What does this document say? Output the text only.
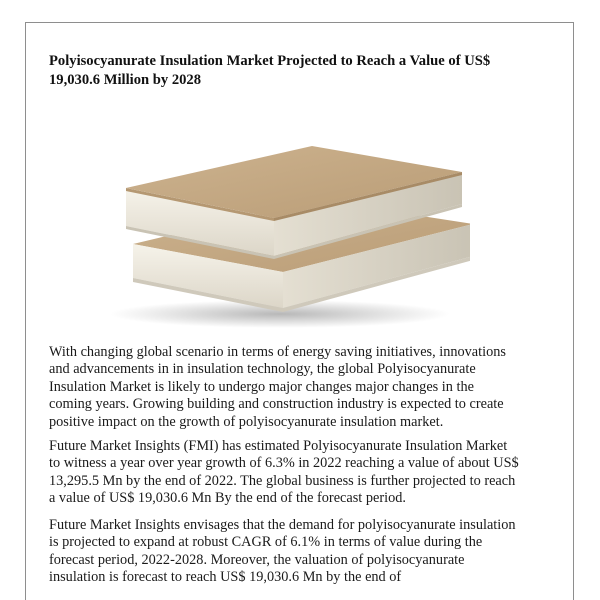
Polyisocyanurate Insulation Market Projected to Reach a Value of US$ 19,030.6 Million by 2028

With changing global scenario in terms of energy saving initiatives, innovations and advancements in in insulation technology, the global Polyisocyanurate Insulation Market is likely to undergo major changes major changes in the coming years. Growing building and construction industry is expected to create positive impact on the growth of polyisocyanurate insulation market.

Future Market Insights (FMI) has estimated Polyisocyanurate Insulation Market to witness a year over year growth of 6.3% in 2022 reaching a value of about US$ 13,295.5 Mn by the end of 2022. The global business is further projected to reach a value of US$ 19,030.6 Mn By the end of the forecast period.

Future Market Insights envisages that the demand for polyisocyanurate insulation is projected to expand at robust CAGR of 6.1% in terms of value during the forecast period, 2022-2028. Moreover, the valuation of polyisocyanurate insulation is forecast to reach US$ 19,030.6 Mn by the end of
